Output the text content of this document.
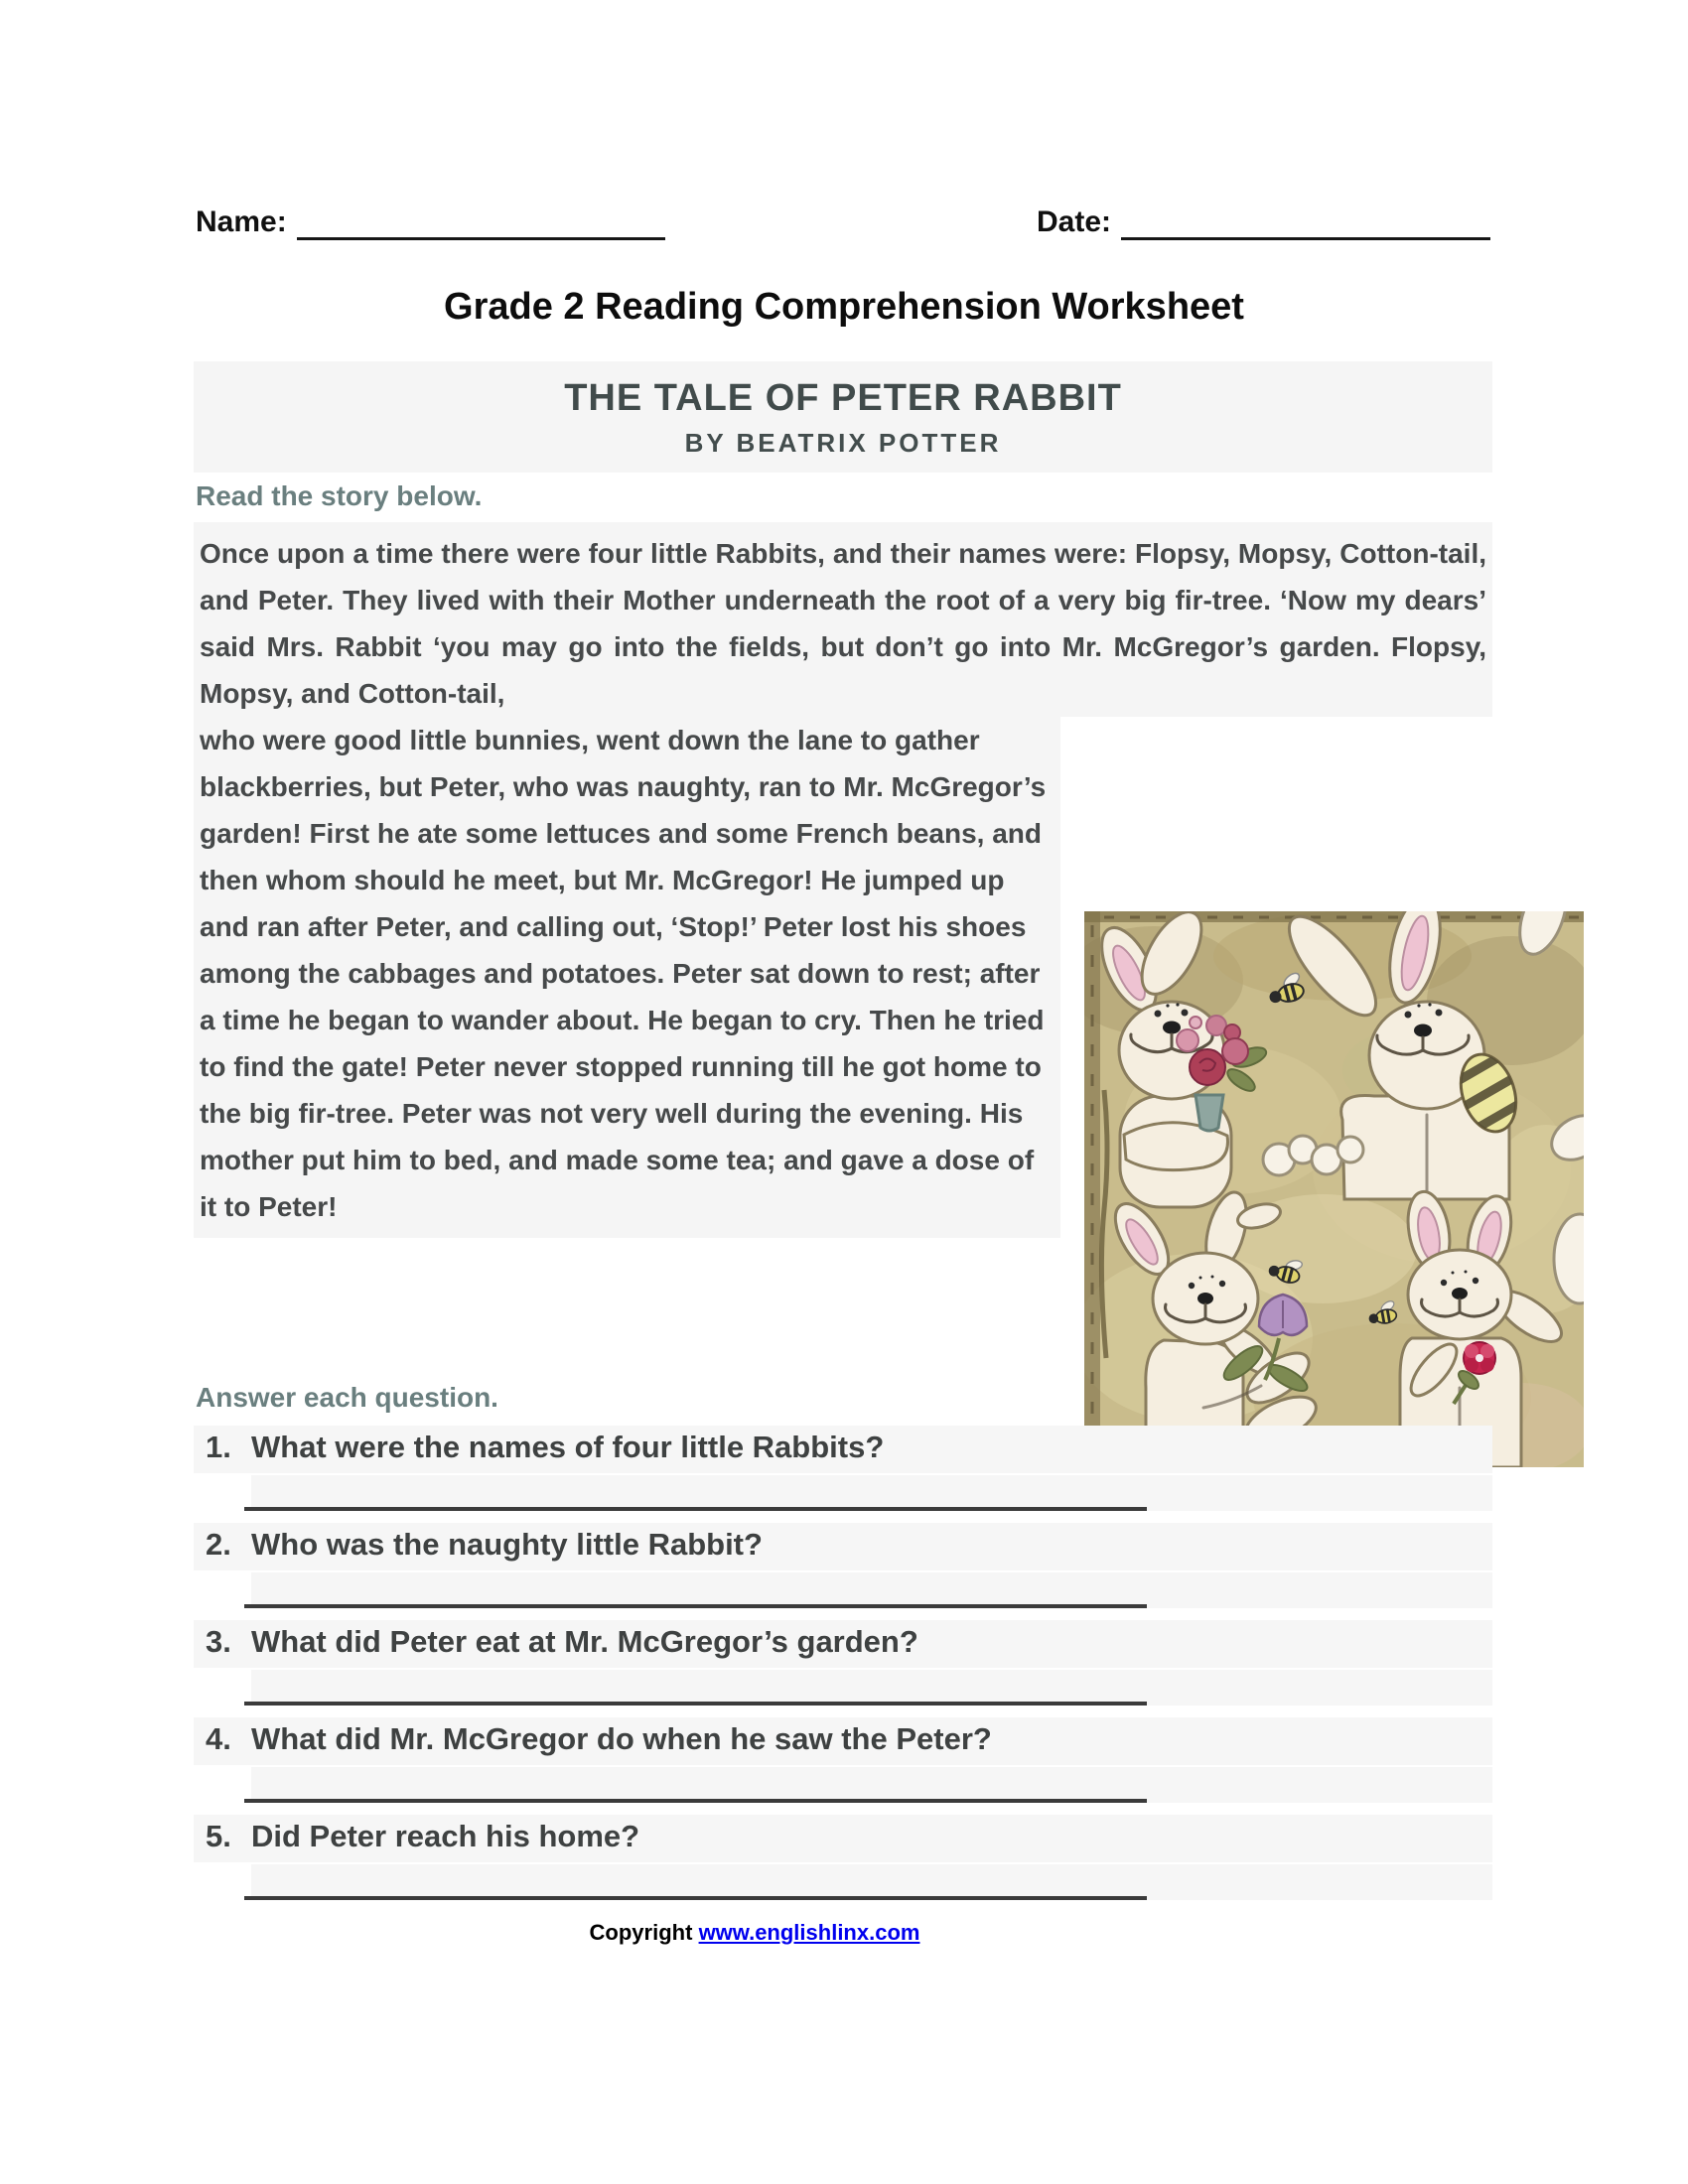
Name:	Date:
Grade 2 Reading Comprehension Worksheet
THE TALE OF PETER RABBIT
BY BEATRIX POTTER
Read the story below.

Once upon a time there were four little Rabbits, and their names were: Flopsy, Mopsy, Cotton-tail, and Peter. They lived with their Mother underneath the root of a very big fir-tree. ‘Now my dears’ said Mrs. Rabbit ‘you may go into the fields, but don’t go into Mr. McGregor’s garden. Flopsy, Mopsy, and Cotton-tail,

who were good little bunnies, went down the lane to gather blackberries, but Peter, who was naughty, ran to Mr. McGregor’s garden! First he ate some lettuces and some French beans, and then whom should he meet, but Mr. McGregor! He jumped up and ran after Peter, and calling out, ‘Stop!’ Peter lost his shoes among the cabbages and potatoes. Peter sat down to rest; after a time he began to wander about. He began to cry. Then he tried to find the gate! Peter never stopped running till he got home to the big fir-tree. Peter was not very well during the evening. His mother put him to bed, and made some tea; and gave a dose of it to Peter!

Answer each question.
1. What were the names of four little Rabbits?
2. Who was the naughty little Rabbit?
3. What did Peter eat at Mr. McGregor’s garden?
4. What did Mr. McGregor do when he saw the Peter?
5. Did Peter reach his home?
Copyright www.englishlinx.com
